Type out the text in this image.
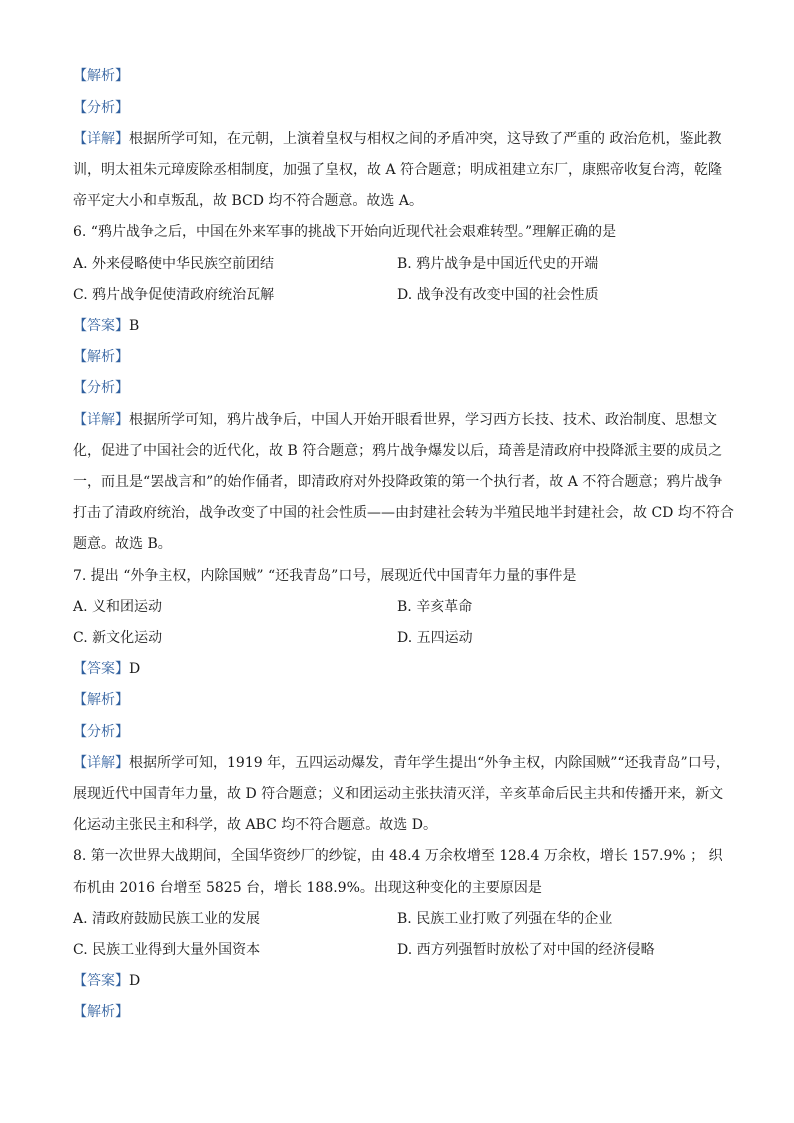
【解析】
【分析】
【详解】根据所学可知，在元朝，上演着皇权与相权之间的矛盾冲突，这导致了严重的 政治危机，鉴此教
训，明太祖朱元璋废除丞相制度，加强了皇权，故 A 符合题意；明成祖建立东厂，康熙帝收复台湾，乾隆
帝平定大小和卓叛乱，故 BCD 均不符合题意。故选 A。
6. “鸦片战争之后，中国在外来军事的挑战下开始向近现代社会艰难转型。”理解正确的是
A. 外来侵略使中华民族空前团结	B. 鸦片战争是中国近代史的开端
C. 鸦片战争促使清政府统治瓦解	D. 战争没有改变中国的社会性质
【答案】B
【解析】
【分析】
【详解】根据所学可知，鸦片战争后，中国人开始开眼看世界，学习西方长技、技术、政治制度、思想文
化，促进了中国社会的近代化，故 B 符合题意；鸦片战争爆发以后，琦善是清政府中投降派主要的成员之
一，而且是“罢战言和”的始作俑者，即清政府对外投降政策的第一个执行者，故 A 不符合题意；鸦片战争
打击了清政府统治，战争改变了中国的社会性质——由封建社会转为半殖民地半封建社会，故 CD 均不符合
题意。故选 B。
7. 提出 “外争主权，内除国贼” “还我青岛”口号，展现近代中国青年力量的事件是
A. 义和团运动	B. 辛亥革命
C. 新文化运动	D. 五四运动
【答案】D
【解析】
【分析】
【详解】根据所学可知，1919 年，五四运动爆发，青年学生提出“外争主权，内除国贼”“还我青岛”口号，
展现近代中国青年力量，故 D 符合题意；义和团运动主张扶清灭洋，辛亥革命后民主共和传播开来，新文
化运动主张民主和科学，故 ABC 均不符合题意。故选 D。
8. 第一次世界大战期间，全国华资纱厂的纱锭，由 48.4 万余枚增至 128.4 万余枚，增长 157.9% ； 织
布机由 2016 台增至 5825 台，增长 188.9%。出现这种变化的主要原因是
A. 清政府鼓励民族工业的发展	B. 民族工业打败了列强在华的企业
C. 民族工业得到大量外国资本	D. 西方列强暂时放松了对中国的经济侵略
【答案】D
【解析】
